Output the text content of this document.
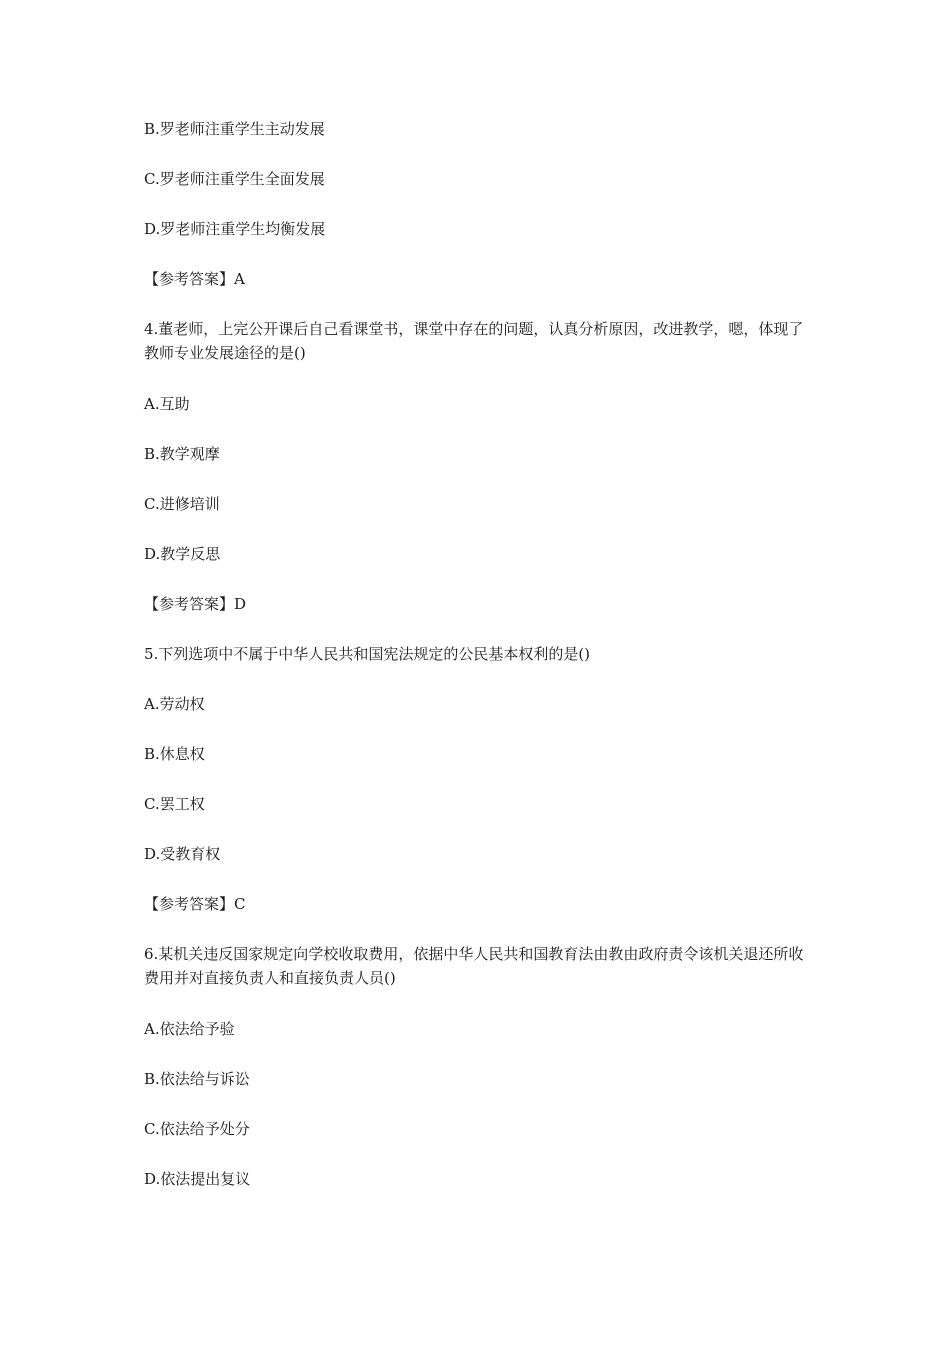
B.罗老师注重学生主动发展
C.罗老师注重学生全面发展
D.罗老师注重学生均衡发展
【参考答案】A
4.董老师，上完公开课后自己看课堂书，课堂中存在的问题，认真分析原因，改进教学，嗯，体现了教师专业发展途径的是()
A.互助
B.教学观摩
C.进修培训
D.教学反思
【参考答案】D
5.下列选项中不属于中华人民共和国宪法规定的公民基本权利的是()
A.劳动权
B.休息权
C.罢工权
D.受教育权
【参考答案】C
6.某机关违反国家规定向学校收取费用，依据中华人民共和国教育法由教由政府责令该机关退还所收费用并对直接负责人和直接负责人员()
A.依法给予验
B.依法给与诉讼
C.依法给予处分
D.依法提出复议
